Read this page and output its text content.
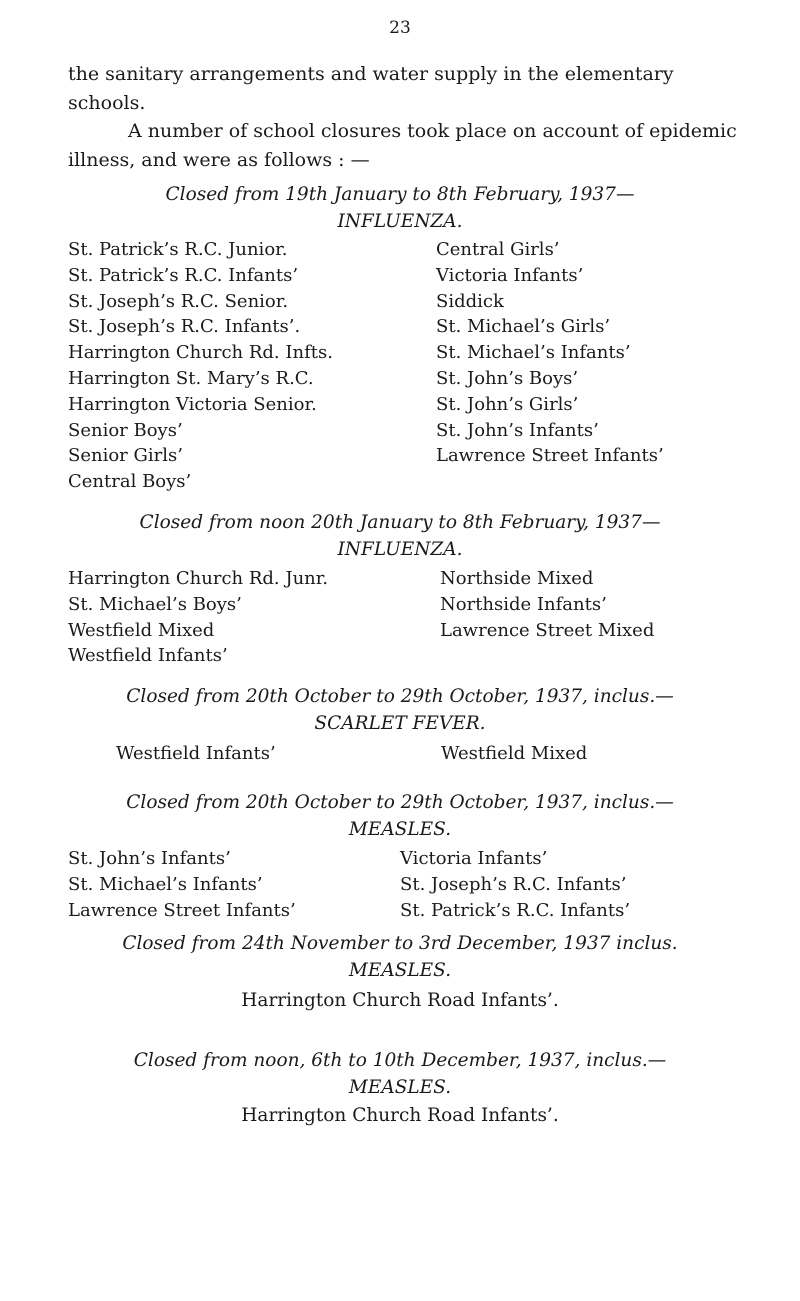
23

the sanitary arrangements and water supply in the elementary schools.

A number of school closures took place on account of epidemic illness, and were as follows : —

Closed from 19th January to 8th February, 1937—
INFLUENZA.
St. Patrick’s R.C. Junior.
St. Patrick’s R.C. Infants’
St. Joseph’s R.C. Senior.
St. Joseph’s R.C. Infants’.
Harrington Church Rd. Infts.
Harrington St. Mary’s R.C.
Harrington Victoria Senior.
Senior Boys’
Senior Girls’
Central Boys’
Central Girls’
Victoria Infants’
Siddick
St. Michael’s Girls’
St. Michael’s Infants’
St. John’s Boys’
St. John’s Girls’
St. John’s Infants’
Lawrence Street Infants’
Closed from noon 20th January to 8th February, 1937—
INFLUENZA.
Harrington Church Rd. Junr.
St. Michael’s Boys’
Westfield Mixed
Westfield Infants’
Northside Mixed
Northside Infants’
Lawrence Street Mixed
Closed from 20th October to 29th October, 1937, inclus.—
SCARLET FEVER.
Westfield Infants’	Westfield Mixed
Closed from 20th October to 29th October, 1937, inclus.—
MEASLES.
St. John’s Infants’
St. Michael’s Infants’
Lawrence Street Infants’
Victoria Infants’
St. Joseph’s R.C. Infants’
St. Patrick’s R.C. Infants’
Closed from 24th November to 3rd December, 1937 inclus.
MEASLES.
Harrington Church Road Infants’.
Closed from noon, 6th to 10th December, 1937, inclus.—
MEASLES.
Harrington Church Road Infants’.
